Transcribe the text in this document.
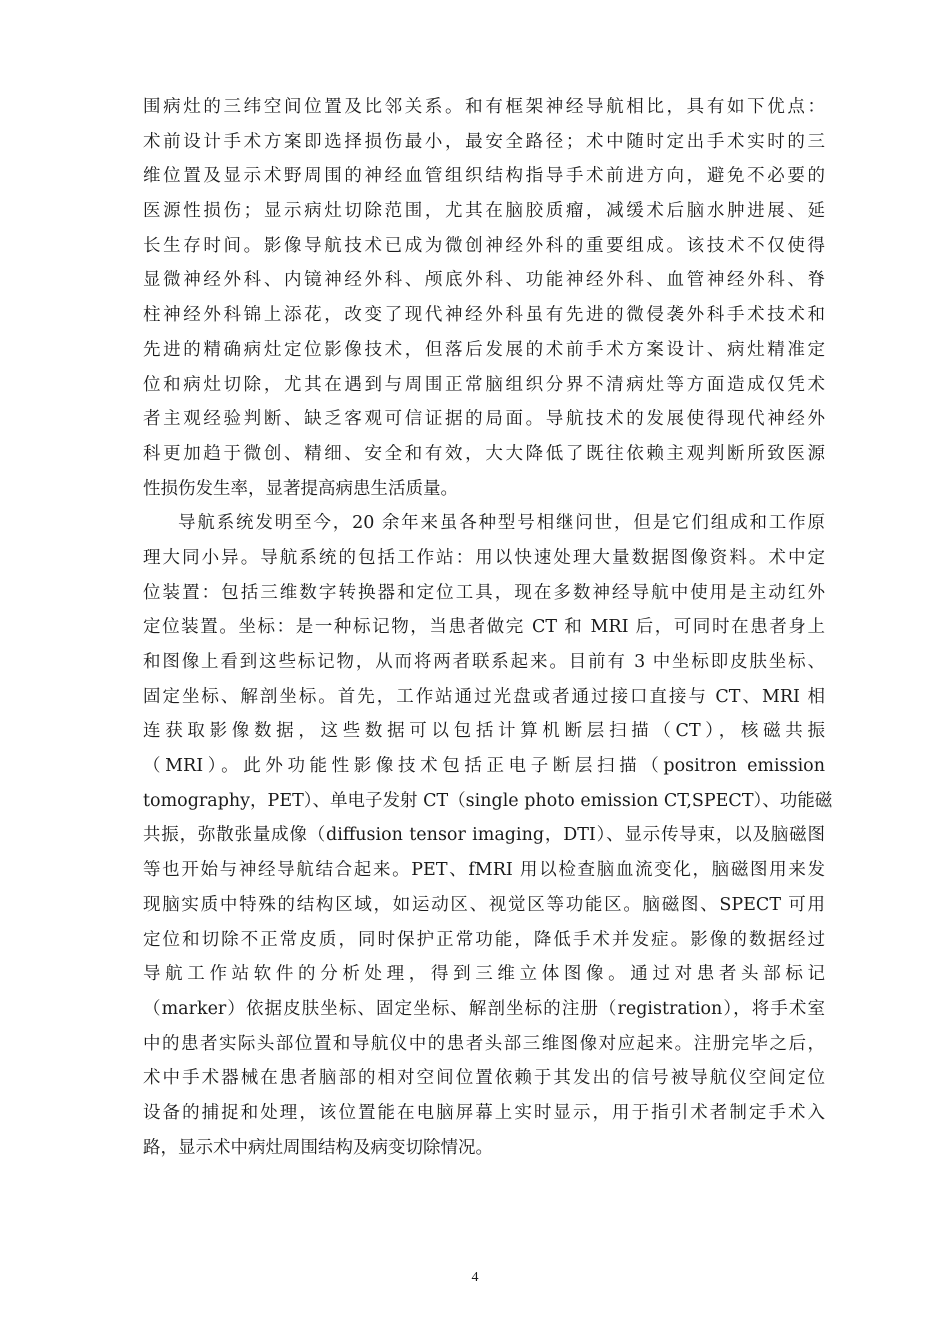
围病灶的三纬空间位置及比邻关系。和有框架神经导航相比，具有如下优点：
术前设计手术方案即选择损伤最小，最安全路径；术中随时定出手术实时的三
维位置及显示术野周围的神经血管组织结构指导手术前进方向，避免不必要的
医源性损伤；显示病灶切除范围，尤其在脑胶质瘤，减缓术后脑水肿进展、延
长生存时间。影像导航技术已成为微创神经外科的重要组成。该技术不仅使得
显微神经外科、内镜神经外科、颅底外科、功能神经外科、血管神经外科、脊
柱神经外科锦上添花，改变了现代神经外科虽有先进的微侵袭外科手术技术和
先进的精确病灶定位影像技术，但落后发展的术前手术方案设计、病灶精准定
位和病灶切除，尤其在遇到与周围正常脑组织分界不清病灶等方面造成仅凭术
者主观经验判断、缺乏客观可信证据的局面。导航技术的发展使得现代神经外
科更加趋于微创、精细、安全和有效，大大降低了既往依赖主观判断所致医源
性损伤发生率，显著提高病患生活质量。
导航系统发明至今，20 余年来虽各种型号相继问世，但是它们组成和工作原
理大同小异。导航系统的包括工作站：用以快速处理大量数据图像资料。术中定
位装置：包括三维数字转换器和定位工具，现在多数神经导航中使用是主动红外
定位装置。坐标：是一种标记物，当患者做完 CT 和 MRI 后，可同时在患者身上
和图像上看到这些标记物，从而将两者联系起来。目前有 3 中坐标即皮肤坐标、
固定坐标、解剖坐标。首先，工作站通过光盘或者通过接口直接与 CT、MRI 相
连获取影像数据，这些数据可以包括计算机断层扫描（CT），核磁共振
（MRI）。此外功能性影像技术包括正电子断层扫描（positron emission
tomography，PET）、单电子发射 CT（single photo emission CT,SPECT）、功能磁
共振，弥散张量成像（diffusion tensor imaging，DTI）、显示传导束，以及脑磁图
等也开始与神经导航结合起来。PET、fMRI 用以检查脑血流变化，脑磁图用来发
现脑实质中特殊的结构区域，如运动区、视觉区等功能区。脑磁图、SPECT 可用
定位和切除不正常皮质，同时保护正常功能，降低手术并发症。影像的数据经过
导航工作站软件的分析处理，得到三维立体图像。通过对患者头部标记
（marker）依据皮肤坐标、固定坐标、解剖坐标的注册（registration），将手术室
中的患者实际头部位置和导航仪中的患者头部三维图像对应起来。注册完毕之后，
术中手术器械在患者脑部的相对空间位置依赖于其发出的信号被导航仪空间定位
设备的捕捉和处理，该位置能在电脑屏幕上实时显示，用于指引术者制定手术入
路，显示术中病灶周围结构及病变切除情况。
4
